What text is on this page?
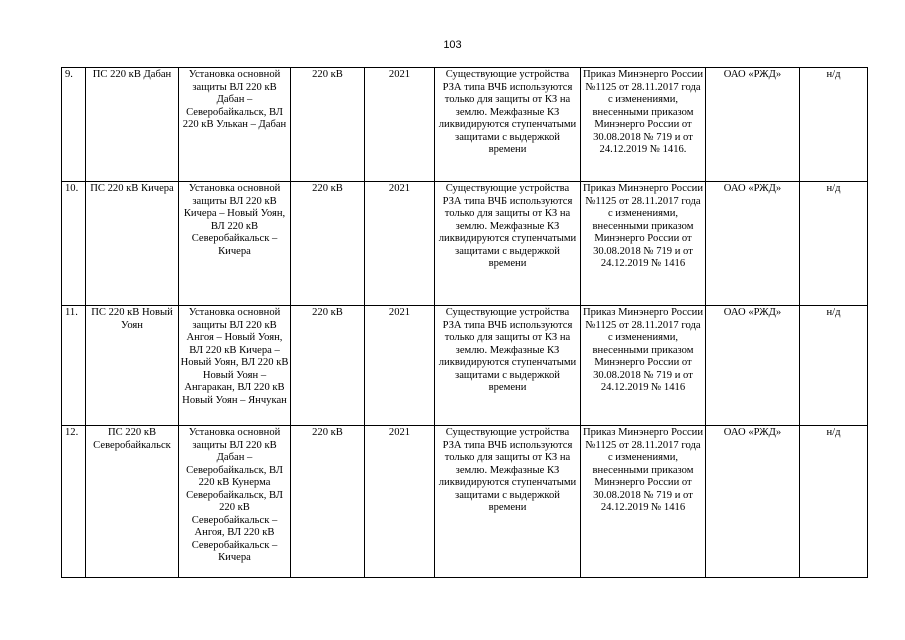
103
9.	ПС 220 кВ Дабан	Установка основной защиты ВЛ 220 кВ Дабан – Северобайкальск, ВЛ 220 кВ Улькан – Дабан	220 кВ	2021	Существующие устройства РЗА типа ВЧБ используются только для защиты от КЗ на землю. Межфазные КЗ ликвидируются ступенчатыми защитами с выдержкой времени	Приказ Минэнерго России №1125 от 28.11.2017 года с изменениями, внесенными приказом Минэнерго России от 30.08.2018 № 719 и от 24.12.2019 № 1416.	ОАО «РЖД»	н/д
10.	ПС 220 кВ Кичера	Установка основной защиты ВЛ 220 кВ Кичера – Новый Уоян, ВЛ 220 кВ Северобайкальск – Кичера	220 кВ	2021	Существующие устройства РЗА типа ВЧБ используются только для защиты от КЗ на землю. Межфазные КЗ ликвидируются ступенчатыми защитами с выдержкой времени	Приказ Минэнерго России №1125 от 28.11.2017 года с изменениями, внесенными приказом Минэнерго России от 30.08.2018 № 719 и от 24.12.2019 № 1416	ОАО «РЖД»	н/д
11.	ПС 220 кВ Новый Уоян	Установка основной защиты ВЛ 220 кВ Ангоя – Новый Уоян, ВЛ 220 кВ Кичера – Новый Уоян, ВЛ 220 кВ Новый Уоян – Ангаракан, ВЛ 220 кВ Новый Уоян – Янчукан	220 кВ	2021	Существующие устройства РЗА типа ВЧБ используются только для защиты от КЗ на землю. Межфазные КЗ ликвидируются ступенчатыми защитами с выдержкой времени	Приказ Минэнерго России №1125 от 28.11.2017 года с изменениями, внесенными приказом Минэнерго России от 30.08.2018 № 719 и от 24.12.2019 № 1416	ОАО «РЖД»	н/д
12.	ПС 220 кВ Северобайкальск	Установка основной защиты ВЛ 220 кВ Дабан – Северобайкальск, ВЛ 220 кВ Кунерма Северобайкальск, ВЛ 220 кВ Северобайкальск – Ангоя, ВЛ 220 кВ Северобайкальск – Кичера	220 кВ	2021	Существующие устройства РЗА типа ВЧБ используются только для защиты от КЗ на землю. Межфазные КЗ ликвидируются ступенчатыми защитами с выдержкой времени	Приказ Минэнерго России №1125 от 28.11.2017 года с изменениями, внесенными приказом Минэнерго России от 30.08.2018 № 719 и от 24.12.2019 № 1416	ОАО «РЖД»	н/д
